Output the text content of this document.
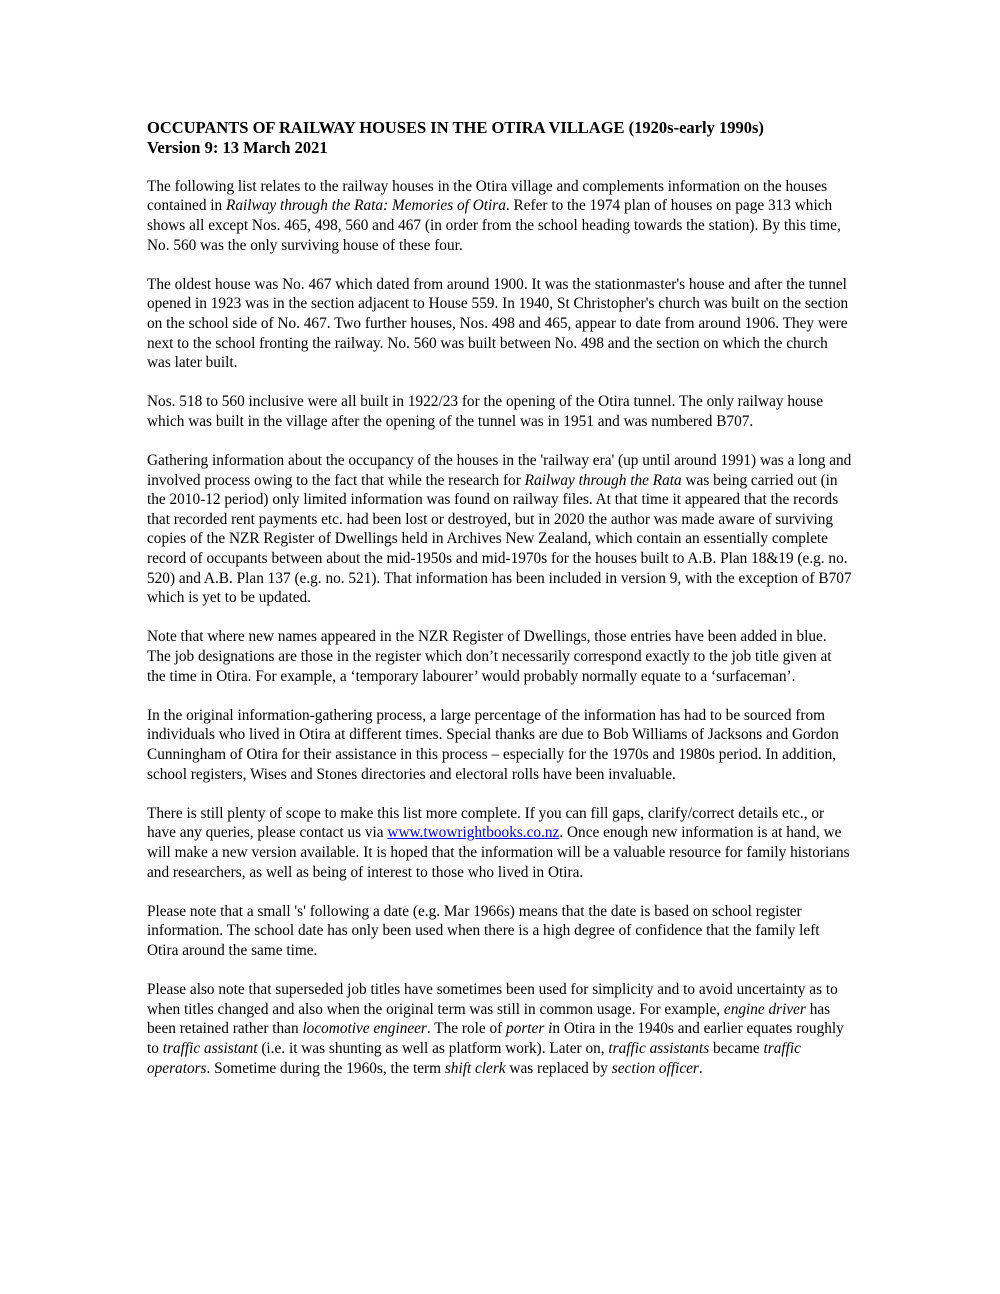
OCCUPANTS OF RAILWAY HOUSES IN THE OTIRA VILLAGE (1920s-early 1990s)
Version 9: 13 March 2021

The following list relates to the railway houses in the Otira village and complements information on the houses contained in Railway through the Rata: Memories of Otira. Refer to the 1974 plan of houses on page 313 which shows all except Nos. 465, 498, 560 and 467 (in order from the school heading towards the station). By this time, No. 560 was the only surviving house of these four.

The oldest house was No. 467 which dated from around 1900. It was the stationmaster's house and after the tunnel opened in 1923 was in the section adjacent to House 559. In 1940, St Christopher's church was built on the section on the school side of No. 467. Two further houses, Nos. 498 and 465, appear to date from around 1906. They were next to the school fronting the railway. No. 560 was built between No. 498 and the section on which the church was later built.

Nos. 518 to 560 inclusive were all built in 1922/23 for the opening of the Otira tunnel. The only railway house which was built in the village after the opening of the tunnel was in 1951 and was numbered B707.

Gathering information about the occupancy of the houses in the 'railway era' (up until around 1991) was a long and involved process owing to the fact that while the research for Railway through the Rata was being carried out (in the 2010-12 period) only limited information was found on railway files. At that time it appeared that the records that recorded rent payments etc. had been lost or destroyed, but in 2020 the author was made aware of surviving copies of the NZR Register of Dwellings held in Archives New Zealand, which contain an essentially complete record of occupants between about the mid-1950s and mid-1970s for the houses built to A.B. Plan 18&19 (e.g. no. 520) and A.B. Plan 137 (e.g. no. 521). That information has been included in version 9, with the exception of B707 which is yet to be updated.

Note that where new names appeared in the NZR Register of Dwellings, those entries have been added in blue. The job designations are those in the register which don’t necessarily correspond exactly to the job title given at the time in Otira. For example, a ‘temporary labourer’ would probably normally equate to a ‘surfaceman’.

In the original information-gathering process, a large percentage of the information has had to be sourced from individuals who lived in Otira at different times. Special thanks are due to Bob Williams of Jacksons and Gordon Cunningham of Otira for their assistance in this process – especially for the 1970s and 1980s period. In addition, school registers, Wises and Stones directories and electoral rolls have been invaluable.

There is still plenty of scope to make this list more complete. If you can fill gaps, clarify/correct details etc., or have any queries, please contact us via www.twowrightbooks.co.nz. Once enough new information is at hand, we will make a new version available. It is hoped that the information will be a valuable resource for family historians and researchers, as well as being of interest to those who lived in Otira.

Please note that a small 's' following a date (e.g. Mar 1966s) means that the date is based on school register information. The school date has only been used when there is a high degree of confidence that the family left Otira around the same time.

Please also note that superseded job titles have sometimes been used for simplicity and to avoid uncertainty as to when titles changed and also when the original term was still in common usage. For example, engine driver has been retained rather than locomotive engineer. The role of porter in Otira in the 1940s and earlier equates roughly to traffic assistant (i.e. it was shunting as well as platform work). Later on, traffic assistants became traffic operators. Sometime during the 1960s, the term shift clerk was replaced by section officer.
